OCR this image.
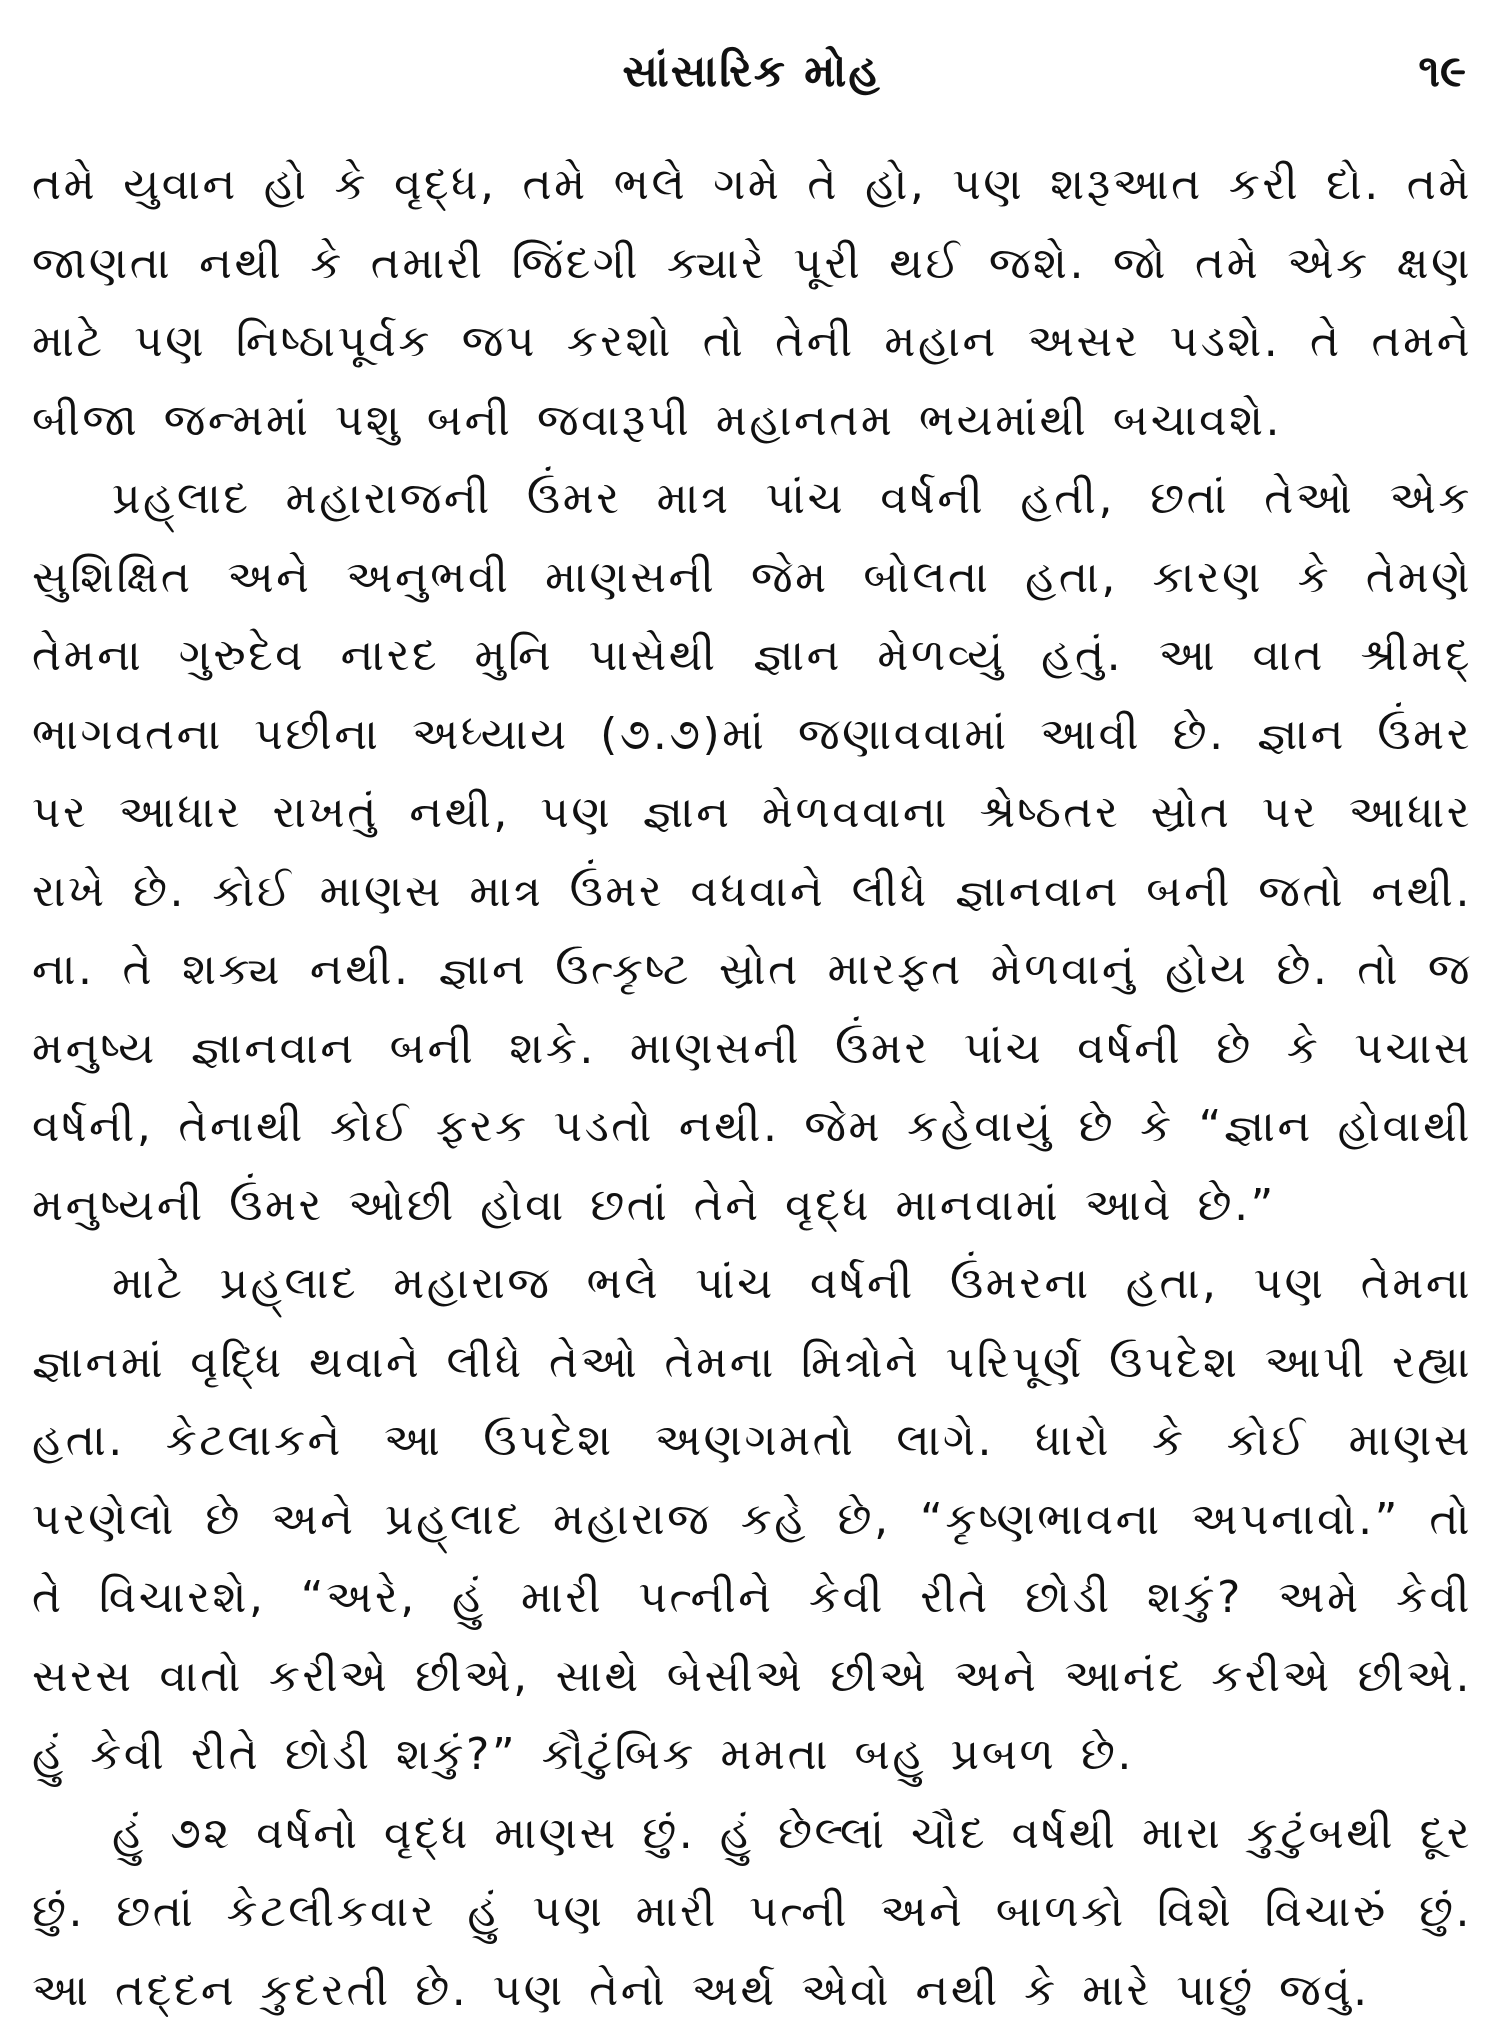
સાંસારિક મોહ	૧૯

તમે યુવાન હો કે વૃદ્ધ, તમે ભલે ગમે તે હો, પણ શરૂઆત કરી દો. તમે જાણતા નથી કે તમારી જિંદગી ક્યારે પૂરી થઈ જશે. જો તમે એક ક્ષણ માટે પણ નિષ્ઠાપૂર્વક જપ કરશો તો તેની મહાન અસર પડશે. તે તમને બીજા જન્મમાં પશુ બની જવારૂપી મહાનતમ ભયમાંથી બચાવશે.

પ્રહ્‌લાદ મહારાજની ઉંમર માત્ર પાંચ વર્ષની હતી, છતાં તેઓ એક સુશિક્ષિત અને અનુભવી માણસની જેમ બોલતા હતા, કારણ કે તેમણે તેમના ગુરુદેવ નારદ મુનિ પાસેથી જ્ઞાન મેળવ્યું હતું. આ વાત શ્રીમદ્ ભાગવતના પછીના અધ્યાય (૭.૭)માં જણાવવામાં આવી છે. જ્ઞાન ઉંમર પર આધાર રાખતું નથી, પણ જ્ઞાન મેળવવાના શ્રેષ્ઠતર સ્રોત પર આધાર રાખે છે. કોઈ માણસ માત્ર ઉંમર વધવાને લીધે જ્ઞાનવાન બની જતો નથી. ના. તે શક્ય નથી. જ્ઞાન ઉત્કૃષ્ટ સ્રોત મારફત મેળવાનું હોય છે. તો જ મનુષ્ય જ્ઞાનવાન બની શકે. માણસની ઉંમર પાંચ વર્ષની છે કે પચાસ વર્ષની, તેનાથી કોઈ ફરક પડતો નથી. જેમ કહેવાયું છે કે “જ્ઞાન હોવાથી મનુષ્યની ઉંમર ઓછી હોવા છતાં તેને વૃદ્ધ માનવામાં આવે છે.”

માટે પ્રહ્‌લાદ મહારાજ ભલે પાંચ વર્ષની ઉંમરના હતા, પણ તેમના જ્ઞાનમાં વૃદ્ધિ થવાને લીધે તેઓ તેમના મિત્રોને પરિપૂર્ણ ઉપદેશ આપી રહ્યા હતા. કેટલાકને આ ઉપદેશ અણગમતો લાગે. ધારો કે કોઈ માણસ પરણેલો છે અને પ્રહ્‌લાદ મહારાજ કહે છે, “કૃષ્ણભાવના અપનાવો.” તો તે વિચારશે, “અરે, હું મારી પત્નીને કેવી રીતે છોડી શકું? અમે કેવી સરસ વાતો કરીએ છીએ, સાથે બેસીએ છીએ અને આનંદ કરીએ છીએ. હું કેવી રીતે છોડી શકું?” કૌટુંબિક મમતા બહુ પ્રબળ છે.

હું ૭૨ વર્ષનો વૃદ્ધ માણસ છું. હું છેલ્લાં ચૌદ વર્ષથી મારા કુટુંબથી દૂર છું. છતાં કેટલીકવાર હું પણ મારી પત્ની અને બાળકો વિશે વિચારું છું. આ તદ્દન કુદરતી છે. પણ તેનો અર્થ એવો નથી કે મારે પાછું જવું.
